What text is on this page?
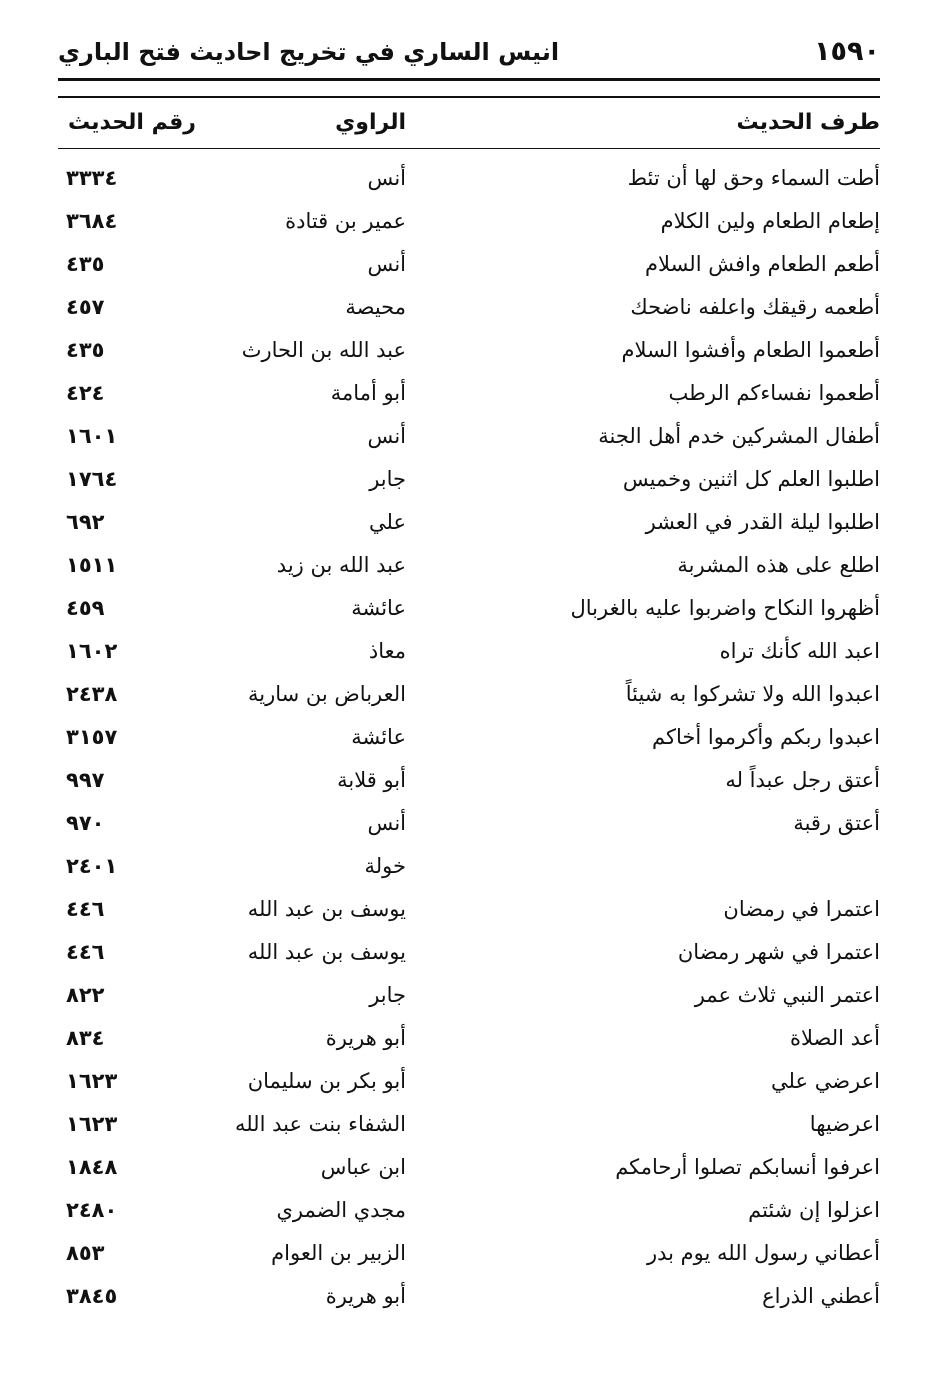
١٥٩٠
انيس الساري في تخريج احاديث فتح الباري
طرف الحديث
الراوي
رقم الحديث
أطت السماء وحق لها أن تئط
أنس
٣٣٣٤
إطعام الطعام ولين الكلام
عمير بن قتادة
٣٦٨٤
أطعم الطعام وافش السلام
أنس
٤٣٥
أطعمه رقيقك واعلفه ناضحك
محيصة
٤٥٧
أطعموا الطعام وأفشوا السلام
عبد الله بن الحارث
٤٣٥
أطعموا نفساءكم الرطب
أبو أمامة
٤٢٤
أطفال المشركين خدم أهل الجنة
أنس
١٦٠١
اطلبوا العلم كل اثنين وخميس
جابر
١٧٦٤
اطلبوا ليلة القدر في العشر
علي
٦٩٢
اطلع على هذه المشربة
عبد الله بن زيد
١٥١١
أظهروا النكاح واضربوا عليه بالغربال
عائشة
٤٥٩
اعبد الله كأنك تراه
معاذ
١٦٠٢
اعبدوا الله ولا تشركوا به شيئاً
العرباض بن سارية
٢٤٣٨
اعبدوا ربكم وأكرموا أخاكم
عائشة
٣١٥٧
أعتق رجل عبداً له
أبو قلابة
٩٩٧
أعتق رقبة
أنس
٩٧٠
خولة
٢٤٠١
اعتمرا في رمضان
يوسف بن عبد الله
٤٤٦
اعتمرا في شهر رمضان
يوسف بن عبد الله
٤٤٦
اعتمر النبي ثلاث عمر
جابر
٨٢٢
أعد الصلاة
أبو هريرة
٨٣٤
اعرضي علي
أبو بكر بن سليمان
١٦٢٣
اعرضيها
الشفاء بنت عبد الله
١٦٢٣
اعرفوا أنسابكم تصلوا أرحامكم
ابن عباس
١٨٤٨
اعزلوا إن شئتم
مجدي الضمري
٢٤٨٠
أعطاني رسول الله يوم بدر
الزبير بن العوام
٨٥٣
أعطني الذراع
أبو هريرة
٣٨٤٥
